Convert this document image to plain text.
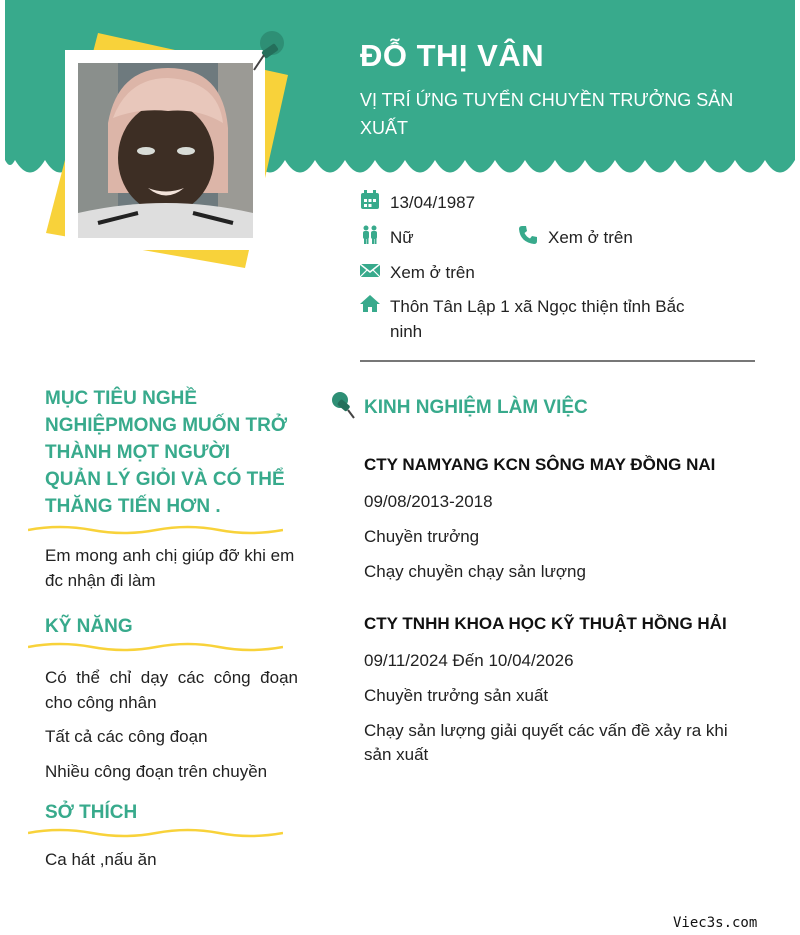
ĐỖ THỊ VÂN
VỊ TRÍ ỨNG TUYỂN CHUYỀN TRƯỞNG SẢN XUẤT
13/04/1987
Nữ	Xem ở trên
Xem ở trên
Thôn Tân Lập 1 xã Ngọc thiện tỉnh Bắc ninh
MỤC TIÊU NGHỀ NGHIỆPMONG MUỐN TRỞ THÀNH MỌT NGƯỜI QUẢN LÝ GIỎI VÀ CÓ THỂ THĂNG TIẾN HƠN .
Em mong anh chị giúp đỡ khi em đc nhận đi làm
KỸ NĂNG
Có thể chỉ dạy các công đoạn cho công nhân
Tất cả các công đoạn
Nhiều công đoạn trên chuyền
SỞ THÍCH
Ca hát ,nấu ăn
KINH NGHIỆM LÀM VIỆC
CTY NAMYANG KCN SÔNG MAY ĐỒNG NAI
09/08/2013-2018
Chuyền trưởng
Chạy chuyền chạy sản lượng
CTY TNHH KHOA HỌC KỸ THUẬT HỒNG HẢI
09/11/2024 Đến 10/04/2026
Chuyền trưởng sản xuất
Chạy sản lượng giải quyết các vấn đề xảy ra khi sản xuất
Viec3s.com
